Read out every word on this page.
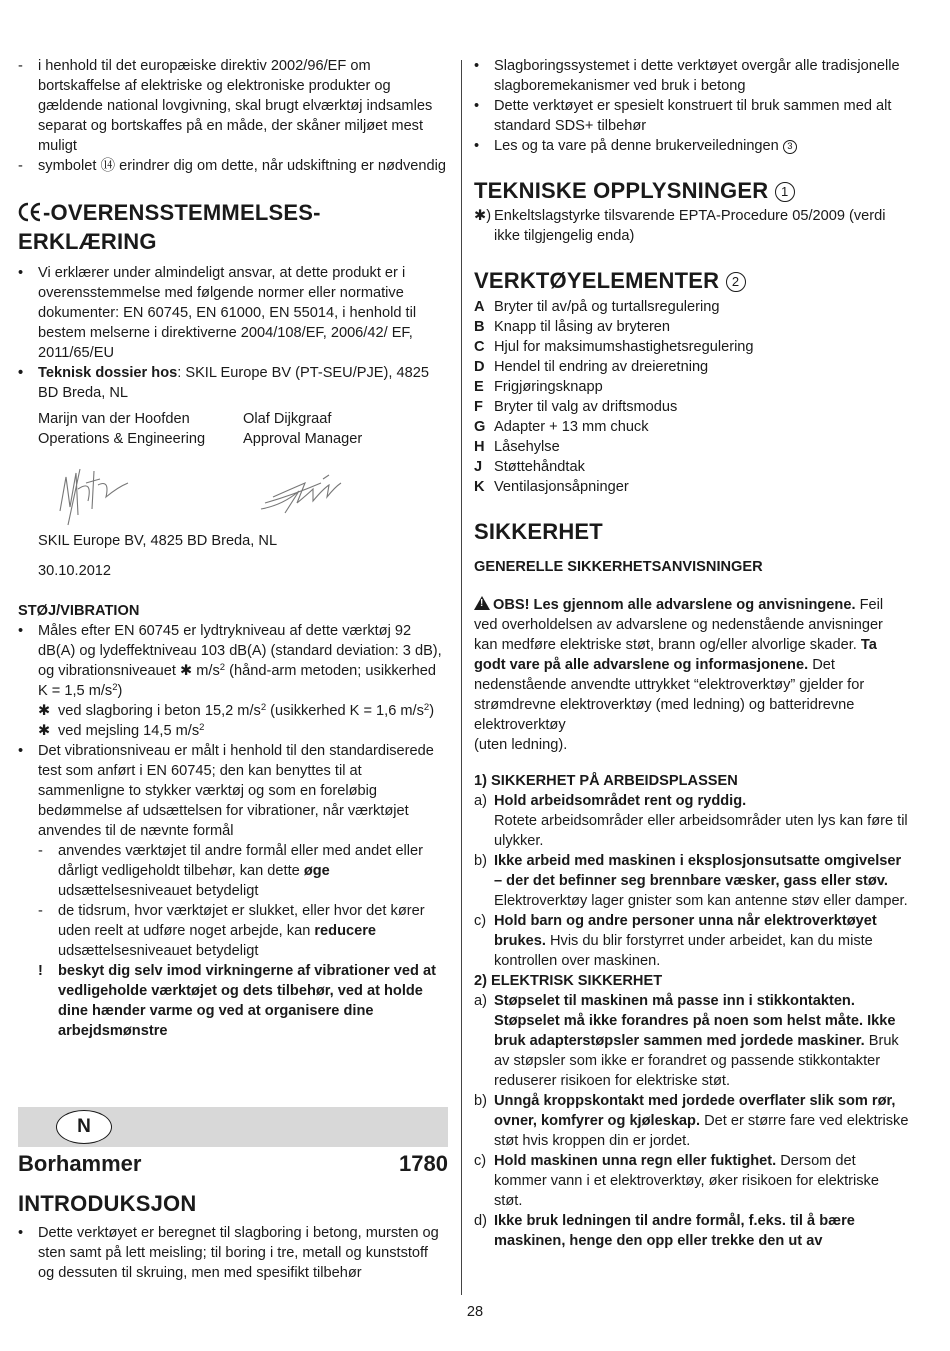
- i henhold til det europæiske direktiv 2002/96/EF om bortskaffelse af elektriske og elektroniske produkter og gældende national lovgivning, skal brugt elværktøj indsamles separat og bortskaffes på en måde, der skåner miljøet mest muligt
- symbolet ⑭ erindrer dig om dette, når udskiftning er nødvendig
-OVERENSSTEMMELSES-
ERKLÆRING
• Vi erklærer under almindeligt ansvar, at dette produkt er i overensstemmelse med følgende normer eller normative dokumenter: EN 60745, EN 61000, EN 55014, i henhold til bestem melserne i direktiverne 2004/108/EF, 2006/42/ EF, 2011/65/EU
• Teknisk dossier hos: SKIL Europe BV (PT-SEU/PJE), 4825 BD Breda, NL
Marijn van der Hoofden
Operations & Engineering
Olaf Dijkgraaf
Approval Manager
SKIL Europe BV, 4825 BD Breda, NL
30.10.2012
STØJ/VIBRATION
• Måles efter EN 60745 er lydtrykniveau af dette værktøj 92 dB(A) og lydeffektniveau 103 dB(A) (standard deviation: 3 dB), og vibrationsniveauet ✱ $m/s^2$ (hånd-arm metoden; usikkerhed K = 1,5 $m/s^2$)
✱ ved slagboring i beton 15,2 $m/s^2$ (usikkerhed K = 1,6 $m/s^2$)
✱ ved mejsling 14,5 $m/s^2$
• Det vibrationsniveau er målt i henhold til den standardiserede test som anført i EN 60745; den kan benyttes til at sammenligne to stykker værktøj og som en foreløbig bedømmelse af udsættelsen for vibrationer, når værktøjet anvendes til de nævnte formål
- anvendes værktøjet til andre formål eller med andet eller dårligt vedligeholdt tilbehør, kan dette øge udsættelsesniveauet betydeligt
- de tidsrum, hvor værktøjet er slukket, eller hvor det kører uden reelt at udføre noget arbejde, kan reducere udsættelsesniveauet betydeligt
! beskyt dig selv imod virkningerne af vibrationer ved at vedligeholde værktøjet og dets tilbehør, ved at holde dine hænder varme og ved at organisere dine arbejdsmønstre
N
Borhammer	1780
INTRODUKSJON
• Dette verktøyet er beregnet til slagboring i betong, mursten og sten samt på lett meisling; til boring i tre, metall og kunststoff og dessuten til skruing, men med spesifikt tilbehør
• Slagboringssystemet i dette verktøyet overgår alle tradisjonelle slagboremekanismer ved bruk i betong
• Dette verktøyet er spesielt konstruert til bruk sammen med alt standard SDS+ tilbehør
• Les og ta vare på denne brukerveiledningen 3
TEKNISKE OPPLYSNINGER 1
✱) Enkeltslagstyrke tilsvarende EPTA-Procedure 05/2009 (verdi ikke tilgjengelig enda)
VERKTØYELEMENTER 2
A Bryter til av/på og turtallsregulering
B Knapp til låsing av bryteren
C Hjul for maksimumshastighetsregulering
D Hendel til endring av dreieretning
E Frigjøringsknapp
F Bryter til valg av driftsmodus
G Adapter + 13 mm chuck
H Låsehylse
J Støttehåndtak
K Ventilasjonsåpninger
SIKKERHET
GENERELLE SIKKERHETSANVISNINGER
!OBS! Les gjennom alle advarslene og anvisningene. Feil ved overholdelsen av advarslene og nedenstående anvisninger kan medføre elektriske støt, brann og/eller alvorlige skader. Ta godt vare på alle advarslene og informasjonene. Det nedenstående anvendte uttrykket “elektroverktøy” gjelder for strømdrevne elektroverktøy (med ledning) og batteridrevne elektroverktøy
(uten ledning).
1) SIKKERHET PÅ ARBEIDSPLASSEN
a) Hold arbeidsområdet rent og ryddig.
Rotete arbeidsområder eller arbeidsområder uten lys kan føre til ulykker.
b) Ikke arbeid med maskinen i eksplosjonsutsatte omgivelser – der det befinner seg brennbare væsker, gass eller støv. Elektroverktøy lager gnister som kan antenne støv eller damper.
c) Hold barn og andre personer unna når elektroverktøyet brukes. Hvis du blir forstyrret under arbeidet, kan du miste kontrollen over maskinen.
2) ELEKTRISK SIKKERHET
a) Støpselet til maskinen må passe inn i stikkontakten. Støpselet må ikke forandres på noen som helst måte. Ikke bruk adapterstøpsler sammen med jordede maskiner. Bruk av støpsler som ikke er forandret og passende stikkontakter reduserer risikoen for elektriske støt.
b) Unngå kroppskontakt med jordede overflater slik som rør, ovner, komfyrer og kjøleskap. Det er større fare ved elektriske støt hvis kroppen din er jordet.
c) Hold maskinen unna regn eller fuktighet. Dersom det kommer vann i et elektroverktøy, øker risikoen for elektriske støt.
d) Ikke bruk ledningen til andre formål, f.eks. til å bære maskinen, henge den opp eller trekke den ut av
28
